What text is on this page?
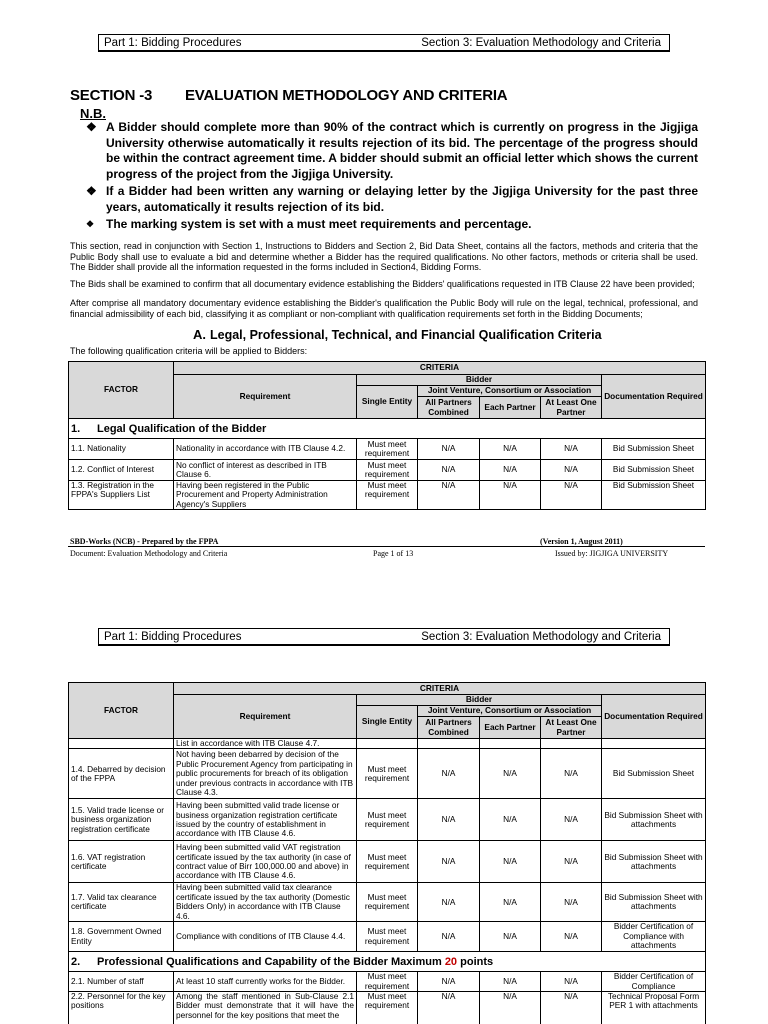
Part 1: Bidding Procedures	Section 3: Evaluation Methodology and Criteria
SECTION -3 EVALUATION METHODOLOGY AND CRITERIA
N.B.
❖ A Bidder should complete more than 90% of the contract which is currently on progress in the Jigjiga University otherwise automatically it results rejection of its bid. The percentage of the progress should be within the contract agreement time. A bidder should submit an official letter which shows the current progress of the project from the Jigjiga University.
❖ If a Bidder had been written any warning or delaying letter by the Jigjiga University for the past three years, automatically it results rejection of its bid.
❖ The marking system is set with a must meet requirements and percentage.
This section, read in conjunction with Section 1, Instructions to Bidders and Section 2, Bid Data Sheet, contains all the factors, methods and criteria that the Public Body shall use to evaluate a bid and determine whether a Bidder has the required qualifications. No other factors, methods or criteria shall be used. The Bidder shall provide all the information requested in the forms included in Section4, Bidding Forms.
The Bids shall be examined to confirm that all documentary evidence establishing the Bidders' qualifications requested in ITB Clause 22 have been provided;
After comprise all mandatory documentary evidence establishing the Bidder's qualification the Public Body will rule on the legal, technical, professional, and financial admissibility of each bid, classifying it as compliant or non-compliant with qualification requirements set forth in the Bidding Documents;
A. Legal, Professional, Technical, and Financial Qualification Criteria
The following qualification criteria will be applied to Bidders:
FACTOR	CRITERIA					
	Requirement	Bidder				Documentation Required
		Single Entity	Joint Venture, Consortium or Association			
			All Partners Combined	Each Partner	At Least One Partner	
1. Legal Qualification of the Bidder						
1.1. Nationality	Nationality in accordance with ITB Clause 4.2.	Must meet requirement	N/A	N/A	N/A	Bid Submission Sheet
1.2. Conflict of Interest	No conflict of interest as described in ITB Clause 6.	Must meet requirement	N/A	N/A	N/A	Bid Submission Sheet
1.3. Registration in the FPPA's Suppliers List	Having been registered in the Public Procurement and Property Administration Agency's Suppliers	Must meet requirement	N/A	N/A	N/A	Bid Submission Sheet
SBD-Works (NCB) - Prepared by the FPPA	(Version 1, August 2011)
Document: Evaluation Methodology and Criteria	Page 1 of 13	Issued by: JIGJIGA UNIVERSITY
Part 1: Bidding Procedures	Section 3: Evaluation Methodology and Criteria
FACTOR	CRITERIA					
	Requirement	Bidder				Documentation Required
		Single Entity	Joint Venture, Consortium or Association			
			All Partners Combined	Each Partner	At Least One Partner	
	List in accordance with ITB Clause 4.7.					
1.4. Debarred by decision of the FPPA	Not having been debarred by decision of the Public Procurement Agency from participating in public procurements for breach of its obligation under previous contracts in accordance with ITB Clause 4.3.	Must meet requirement	N/A	N/A	N/A	Bid Submission Sheet
1.5. Valid trade license or business organization registration certificate	Having been submitted valid trade license or business organization registration certificate issued by the country of establishment in accordance with ITB Clause 4.6.	Must meet requirement	N/A	N/A	N/A	Bid Submission Sheet with attachments
1.6. VAT registration certificate	Having been submitted valid VAT registration certificate issued by the tax authority (in case of contract value of Birr 100,000.00 and above) in accordance with ITB Clause 4.6.	Must meet requirement	N/A	N/A	N/A	Bid Submission Sheet with attachments
1.7. Valid tax clearance certificate	Having been submitted valid tax clearance certificate issued by the tax authority (Domestic Bidders Only) in accordance with ITB Clause 4.6.	Must meet requirement	N/A	N/A	N/A	Bid Submission Sheet with attachments
1.8. Government Owned Entity	Compliance with conditions of ITB Clause 4.4.	Must meet requirement	N/A	N/A	N/A	Bidder Certification of Compliance with attachments
2. Professional Qualifications and Capability of the Bidder Maximum 20 points						
2.1. Number of staff	At least 10 staff currently works for the Bidder.	Must meet requirement	N/A	N/A	N/A	Bidder Certification of Compliance
2.2. Personnel for the key positions	Among the staff mentioned in Sub-Clause 2.1 Bidder must demonstrate that it will have the personnel for the key positions that meet the	Must meet requirement	N/A	N/A	N/A	Technical Proposal Form PER 1 with attachments
